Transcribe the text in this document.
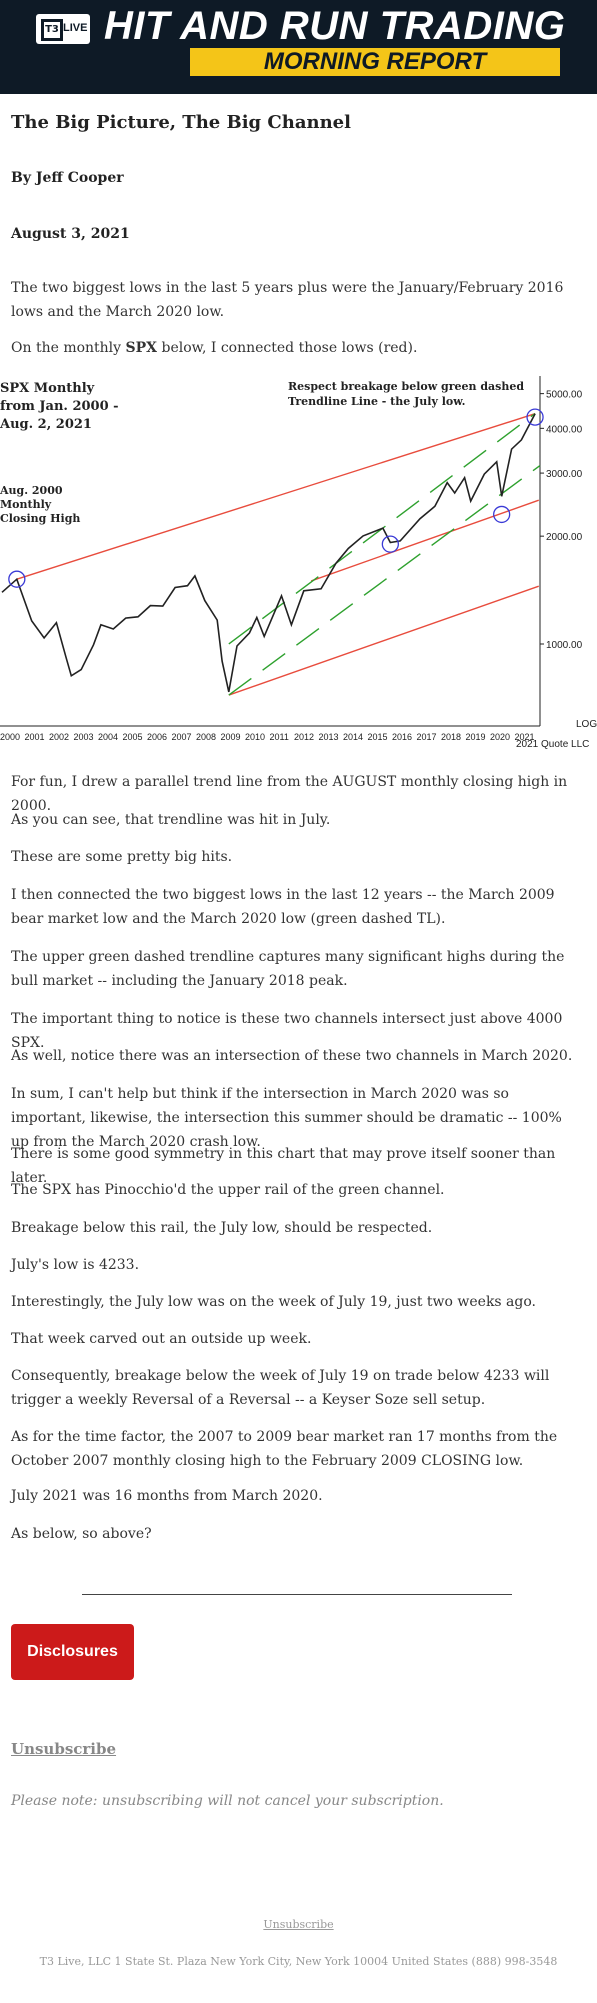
T3 LIVE HIT AND RUN TRADING
MORNING REPORT
The Big Picture, The Big Channel
By Jeff Cooper
August 3, 2021
The two biggest lows in the last 5 years plus were the January/February 2016 lows and the March 2020 low.
On the monthly SPX below, I connected those lows (red).
SPX Monthly
from Jan. 2000 -
Aug. 2, 2021
Respect breakage below green dashed
Trendline Line - the July low.
Aug. 2000
Monthly
Closing High
LOG
2021 Quote LLC
1000.00
2000.00
3000.00
4000.00
5000.00
2000 2001 2002 2003 2004 2005 2006 2007 2008 2009 2010 2011 2012 2013 2014 2015 2016 2017 2018 2019 2020 2021
For fun, I drew a parallel trend line from the AUGUST monthly closing high in 2000.
As you can see, that trendline was hit in July.
These are some pretty big hits.
I then connected the two biggest lows in the last 12 years -- the March 2009 bear market low and the March 2020 low (green dashed TL).
The upper green dashed trendline captures many significant highs during the bull market -- including the January 2018 peak.
The important thing to notice is these two channels intersect just above 4000 SPX.
As well, notice there was an intersection of these two channels in March 2020.
In sum, I can't help but think if the intersection in March 2020 was so important, likewise, the intersection this summer should be dramatic -- 100% up from the March 2020 crash low.
There is some good symmetry in this chart that may prove itself sooner than later.
The SPX has Pinocchio'd the upper rail of the green channel.
Breakage below this rail, the July low, should be respected.
July's low is 4233.
Interestingly, the July low was on the week of July 19, just two weeks ago.
That week carved out an outside up week.
Consequently, breakage below the week of July 19 on trade below 4233 will trigger a weekly Reversal of a Reversal -- a Keyser Soze sell setup.
As for the time factor, the 2007 to 2009 bear market ran 17 months from the October 2007 monthly closing high to the February 2009 CLOSING low.
July 2021 was 16 months from March 2020.
As below, so above?
Disclosures
Unsubscribe
Please note: unsubscribing will not cancel your subscription.
Unsubscribe
T3 Live, LLC 1 State St. Plaza New York City, New York 10004 United States (888) 998-3548
